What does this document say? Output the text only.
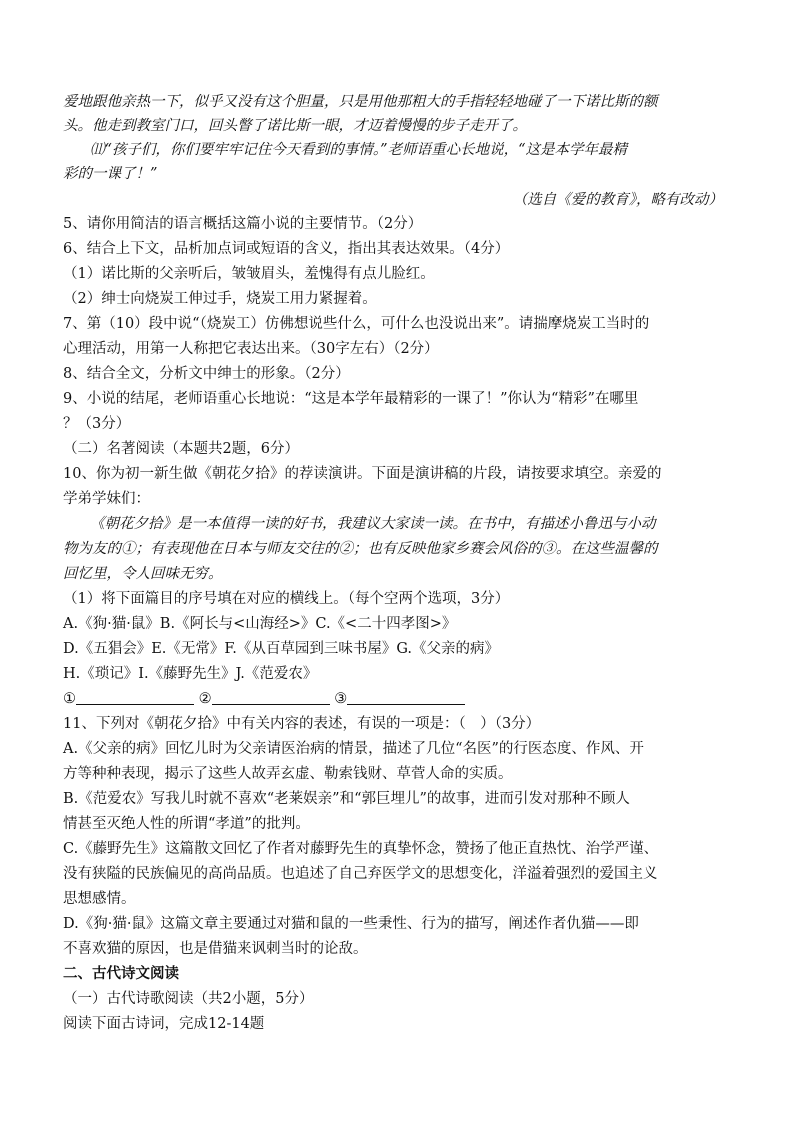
爱地跟他亲热一下，似乎又没有这个胆量，只是用他那粗大的手指轻轻地碰了一下诺比斯的额
头。他走到教室门口，回头瞥了诺比斯一眼，才迈着慢慢的步子走开了。
⑾“孩子们，你们要牢牢记住今天看到的事情。”老师语重心长地说，“这是本学年最精
彩的一课了！”
（选自《爱的教育》，略有改动）
5、请你用简洁的语言概括这篇小说的主要情节。（2分）
6、结合上下文，品析加点词或短语的含义，指出其表达效果。（4分）
（1）诺比斯的父亲听后，皱皱眉头，羞愧得有点儿脸红。
（2）绅士向烧炭工伸过手，烧炭工用力紧握着。
7、第（10）段中说“（烧炭工）仿佛想说些什么，可什么也没说出来”。请揣摩烧炭工当时的
心理活动，用第一人称把它表达出来。（30字左右）（2分）
8、结合全文，分析文中绅士的形象。（2分）
9、小说的结尾，老师语重心长地说：“这是本学年最精彩的一课了！”你认为“精彩”在哪里
？（3分）
（二）名著阅读（本题共2题，6分）
10、你为初一新生做《朝花夕拾》的荐读演讲。下面是演讲稿的片段，请按要求填空。亲爱的
学弟学妹们：
《朝花夕拾》是一本值得一读的好书，我建议大家读一读。在书中，有描述小鲁迅与小动
物为友的①；有表现他在日本与师友交往的②；也有反映他家乡赛会风俗的③。在这些温馨的
回忆里，令人回味无穷。
（1）将下面篇目的序号填在对应的横线上。（每个空两个选项，3分）
A.《狗·猫·鼠》B.《阿长与<山海经>》C.《<二十四孝图>》
D.《五猖会》E.《无常》F.《从百草园到三味书屋》G.《父亲的病》
H.《琐记》I.《藤野先生》J.《范爱农》
①	②	③
11、下列对《朝花夕拾》中有关内容的表述，有误的一项是：（　）（3分）
A.《父亲的病》回忆儿时为父亲请医治病的情景，描述了几位“名医”的行医态度、作风、开
方等种种表现，揭示了这些人故弄玄虚、勒索钱财、草菅人命的实质。
B.《范爱农》写我儿时就不喜欢“老莱娱亲”和“郭巨埋儿”的故事，进而引发对那种不顾人
情甚至灭绝人性的所谓“孝道”的批判。
C.《藤野先生》这篇散文回忆了作者对藤野先生的真挚怀念，赞扬了他正直热忱、治学严谨、
没有狭隘的民族偏见的高尚品质。也追述了自己弃医学文的思想变化，洋溢着强烈的爱国主义
思想感情。
D.《狗·猫·鼠》这篇文章主要通过对猫和鼠的一些秉性、行为的描写，阐述作者仇猫——即
不喜欢猫的原因，也是借猫来讽刺当时的论敌。
二、古代诗文阅读
（一）古代诗歌阅读（共2小题，5分）
阅读下面古诗词，完成12-14题
